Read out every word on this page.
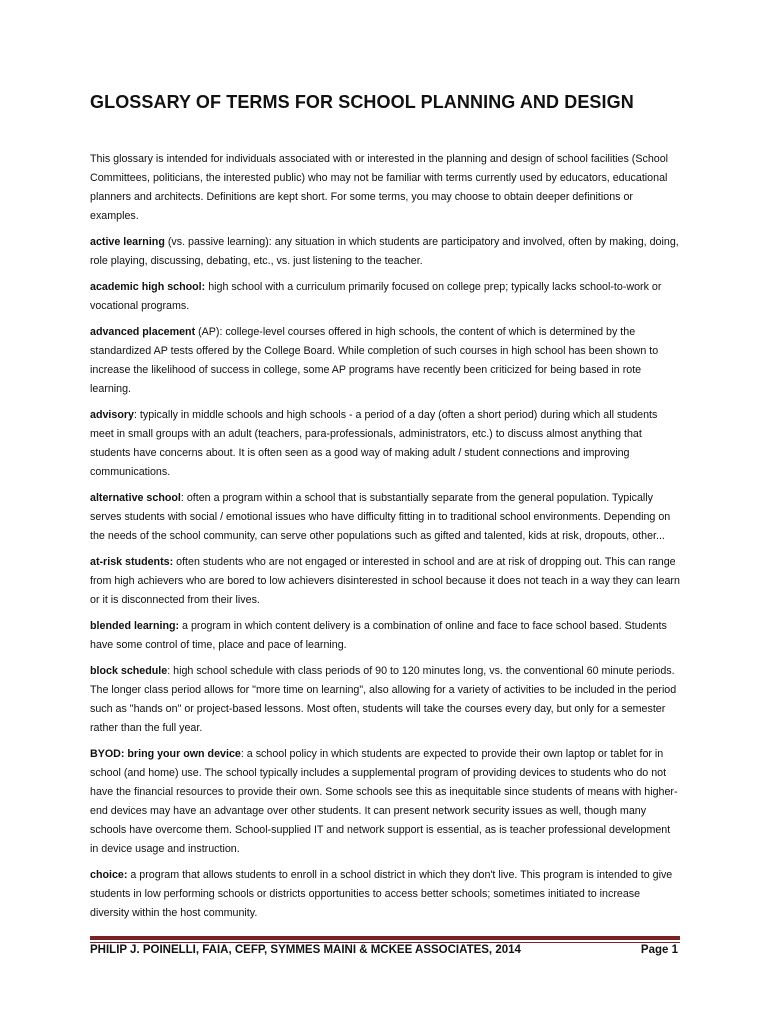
GLOSSARY OF TERMS FOR SCHOOL PLANNING AND DESIGN

This glossary is intended for individuals associated with or interested in the planning and design of school facilities (School Committees, politicians, the interested public) who may not be familiar with terms currently used by educators, educational planners and architects. Definitions are kept short. For some terms, you may choose to obtain deeper definitions or examples.

active learning (vs. passive learning): any situation in which students are participatory and involved, often by making, doing, role playing, discussing, debating, etc., vs. just listening to the teacher.

academic high school: high school with a curriculum primarily focused on college prep; typically lacks school-to-work or vocational programs.

advanced placement (AP): college-level courses offered in high schools, the content of which is determined by the standardized AP tests offered by the College Board. While completion of such courses in high school has been shown to increase the likelihood of success in college, some AP programs have recently been criticized for being based in rote learning.

advisory: typically in middle schools and high schools - a period of a day (often a short period) during which all students meet in small groups with an adult (teachers, para-professionals, administrators, etc.) to discuss almost anything that students have concerns about. It is often seen as a good way of making adult / student connections and improving communications.

alternative school: often a program within a school that is substantially separate from the general population. Typically serves students with social / emotional issues who have difficulty fitting in to traditional school environments. Depending on the needs of the school community, can serve other populations such as gifted and talented, kids at risk, dropouts, other...

at-risk students: often students who are not engaged or interested in school and are at risk of dropping out. This can range from high achievers who are bored to low achievers disinterested in school because it does not teach in a way they can learn or it is disconnected from their lives.

blended learning: a program in which content delivery is a combination of online and face to face school based. Students have some control of time, place and pace of learning.

block schedule: high school schedule with class periods of 90 to 120 minutes long, vs. the conventional 60 minute periods. The longer class period allows for "more time on learning", also allowing for a variety of activities to be included in the period such as "hands on" or project-based lessons. Most often, students will take the courses every day, but only for a semester rather than the full year.

BYOD: bring your own device: a school policy in which students are expected to provide their own laptop or tablet for in school (and home) use. The school typically includes a supplemental program of providing devices to students who do not have the financial resources to provide their own. Some schools see this as inequitable since students of means with higher-end devices may have an advantage over other students. It can present network security issues as well, though many schools have overcome them. School-supplied IT and network support is essential, as is teacher professional development in device usage and instruction.

choice: a program that allows students to enroll in a school district in which they don't live. This program is intended to give students in low performing schools or districts opportunities to access better schools; sometimes initiated to increase diversity within the host community.

PHILIP J. POINELLI, FAIA, CEFP, SYMMES MAINI & MCKEE ASSOCIATES, 2014	Page 1
